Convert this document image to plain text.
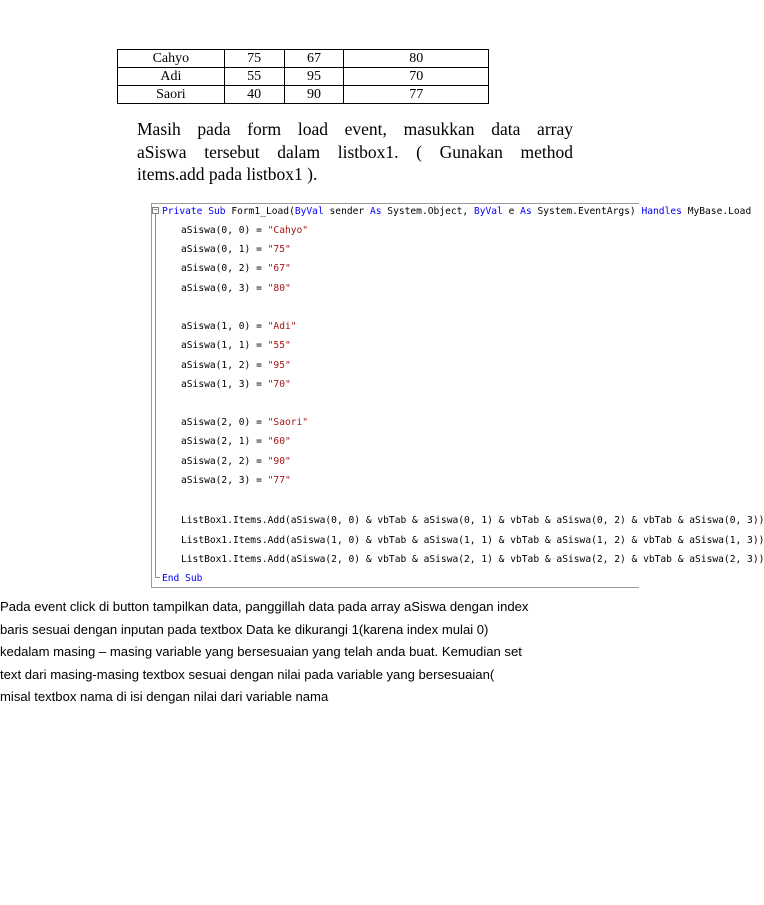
Cahyo	75	67	80
Adi	55	95	70
Saori	40	90	77

Masih pada form load event, masukkan data array
aSiswa tersebut dalam listbox1. ( Gunakan method
items.add pada listbox1 ).

− Private Sub Form1_Load(ByVal sender As System.Object, ByVal e As System.EventArgs) Handles MyBase.Load
aSiswa(0, 0) = "Cahyo"
aSiswa(0, 1) = "75"
aSiswa(0, 2) = "67"
aSiswa(0, 3) = "80"
aSiswa(1, 0) = "Adi"
aSiswa(1, 1) = "55"
aSiswa(1, 2) = "95"
aSiswa(1, 3) = "70"
aSiswa(2, 0) = "Saori"
aSiswa(2, 1) = "60"
aSiswa(2, 2) = "90"
aSiswa(2, 3) = "77"
ListBox1.Items.Add(aSiswa(0, 0) & vbTab & aSiswa(0, 1) & vbTab & aSiswa(0, 2) & vbTab & aSiswa(0, 3))
ListBox1.Items.Add(aSiswa(1, 0) & vbTab & aSiswa(1, 1) & vbTab & aSiswa(1, 2) & vbTab & aSiswa(1, 3))
ListBox1.Items.Add(aSiswa(2, 0) & vbTab & aSiswa(2, 1) & vbTab & aSiswa(2, 2) & vbTab & aSiswa(2, 3))
End Sub

Pada event click di button tampilkan data, panggillah data pada array aSiswa dengan index
baris sesuai dengan inputan pada textbox Data ke dikurangi 1(karena index mulai 0)
kedalam masing – masing variable yang bersesuaian yang telah anda buat. Kemudian set
text dari masing-masing textbox sesuai dengan nilai pada variable yang bersesuaian(
misal textbox nama di isi dengan nilai dari variable nama
